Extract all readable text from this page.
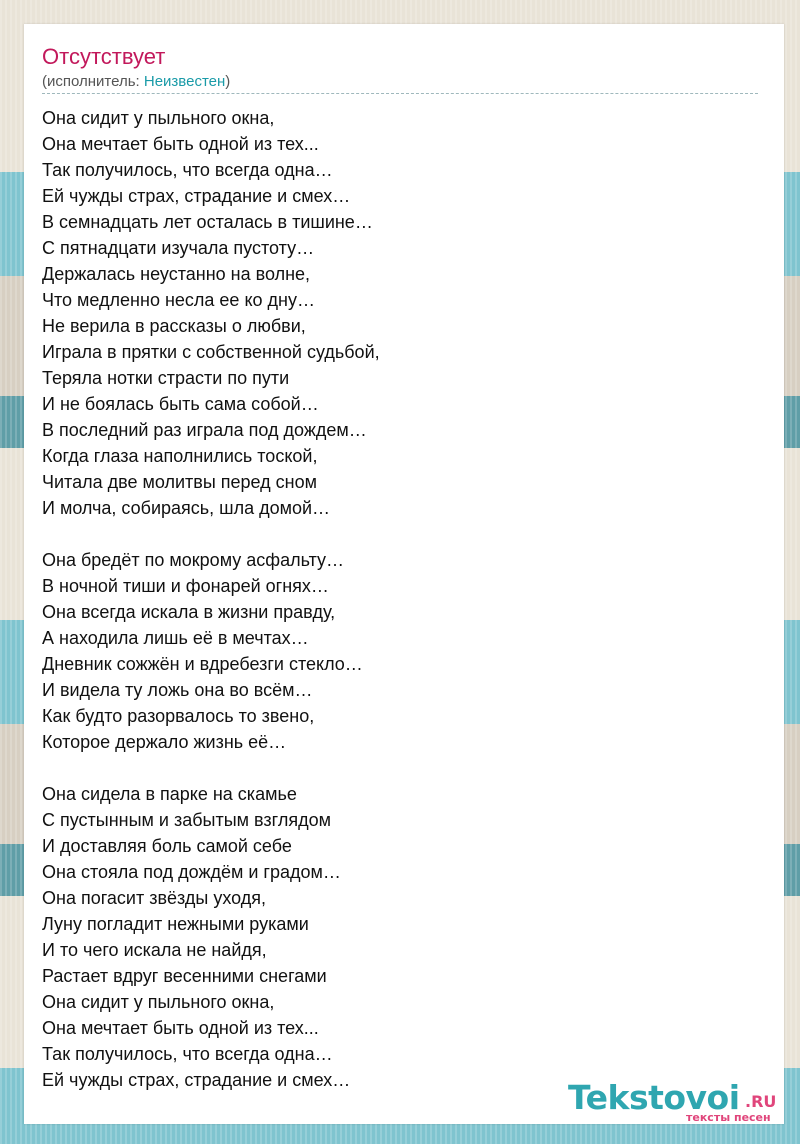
Отсутствует
(исполнитель: Неизвестен)
Она сидит у пыльного окна,
Она мечтает быть одной из тех...
Так получилось, что всегда одна…
Ей чужды страх, страдание и смех…
В семнадцать лет осталась в тишине…
С пятнадцати изучала пустоту…
Держалась неустанно на волне,
Что медленно несла ее ко дну…
Не верила в рассказы о любви,
Играла в прятки с собственной судьбой,
Теряла нотки страсти по пути
И не боялась быть сама собой…
В последний раз играла под дождем…
Когда глаза наполнились тоской,
Читала две молитвы перед сном
И молча, собираясь, шла домой…
Она бредёт по мокрому асфальту…
В ночной тиши и фонарей огнях…
Она всегда искала в жизни правду,
А находила лишь её в мечтах…
Дневник сожжён и вдребезги стекло…
И видела ту ложь она во всём…
Как будто разорвалось то звено,
Которое держало жизнь её…
Она сидела в парке на скамье
С пустынным и забытым взглядом
И доставляя боль самой себе
Она стояла под дождём и градом…
Она погасит звёзды уходя,
Луну погладит нежными руками
И то чего искала не найдя,
Растает вдруг весенними снегами
Она сидит у пыльного окна,
Она мечтает быть одной из тех...
Так получилось, что всегда одна…
Ей чужды страх, страдание и смех…	Tekstovoi .RU
тексты песен
